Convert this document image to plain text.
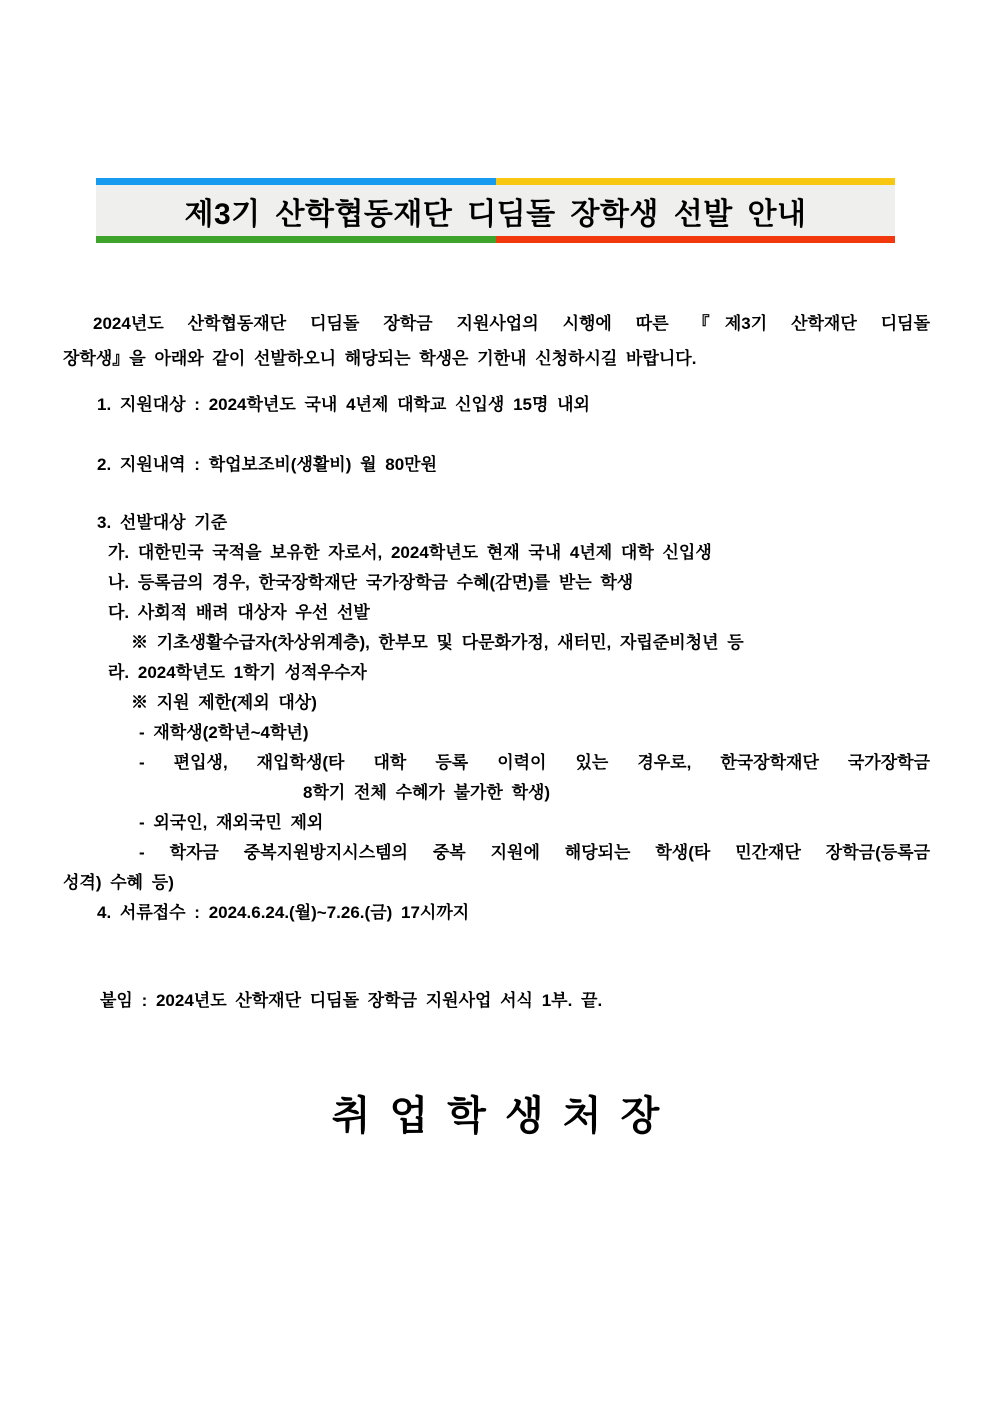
제3기 산학협동재단 디딤돌 장학생 선발 안내
2024년도 산학협동재단 디딤돌 장학금 지원사업의 시행에 따른 『제3기 산학재단 디딤돌
장학생』을 아래와 같이 선발하오니 해당되는 학생은 기한내 신청하시길 바랍니다.
1. 지원대상 : 2024학년도 국내 4년제 대학교 신입생 15명 내외
2. 지원내역 : 학업보조비(생활비) 월 80만원
3. 선발대상 기준
가. 대한민국 국적을 보유한 자로서, 2024학년도 현재 국내 4년제 대학 신입생
나. 등록금의 경우, 한국장학재단 국가장학금 수혜(감면)를 받는 학생
다. 사회적 배려 대상자 우선 선발
※ 기초생활수급자(차상위계층), 한부모 및 다문화가정, 새터민, 자립준비청년 등
라. 2024학년도 1학기 성적우수자
※ 지원 제한(제외 대상)
- 재학생(2학년~4학년)
- 편입생, 재입학생(타 대학 등록 이력이 있는 경우로, 한국장학재단 국가장학금
8학기 전체 수혜가 불가한 학생)
- 외국인, 재외국민 제외
- 학자금 중복지원방지시스템의 중복 지원에 해당되는 학생(타 민간재단 장학금(등록금
성격) 수혜 등)
4. 서류접수 : 2024.6.24.(월)~7.26.(금) 17시까지
붙임 : 2024년도 산학재단 디딤돌 장학금 지원사업 서식 1부. 끝.
취 업 학 생 처 장
